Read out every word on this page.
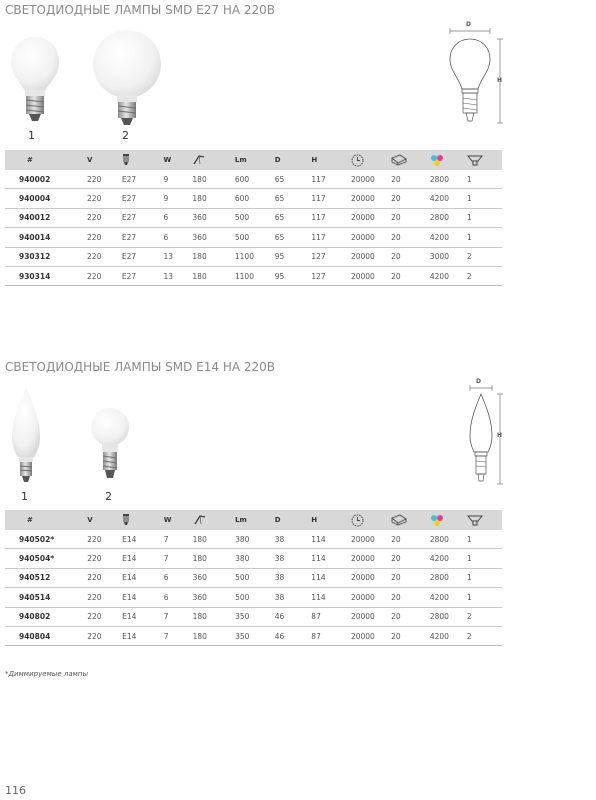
СВЕТОДИОДНЫЕ ЛАМПЫ SMD E27 НА 220В
1	2
D
H
#	V		W		Lm	D	H				
940002	220	E27	9	180	600	65	117	20000	20	2800	1
940004	220	E27	9	180	600	65	117	20000	20	4200	1
940012	220	E27	6	360	500	65	117	20000	20	2800	1
940014	220	E27	6	360	500	65	117	20000	20	4200	1
930312	220	E27	13	180	1100	95	127	20000	20	3000	2
930314	220	E27	13	180	1100	95	127	20000	20	4200	2
СВЕТОДИОДНЫЕ ЛАМПЫ SMD E14 НА 220В
1	2
D
H
#	V		W		Lm	D	H				
940502*	220	E14	7	180	380	38	114	20000	20	2800	1
940504*	220	E14	7	180	380	38	114	20000	20	4200	1
940512	220	E14	6	360	500	38	114	20000	20	2800	1
940514	220	E14	6	360	500	38	114	20000	20	4200	1
940802	220	E14	7	180	350	46	87	20000	20	2800	2
940804	220	E14	7	180	350	46	87	20000	20	4200	2
*Диммируемые лампы
116
